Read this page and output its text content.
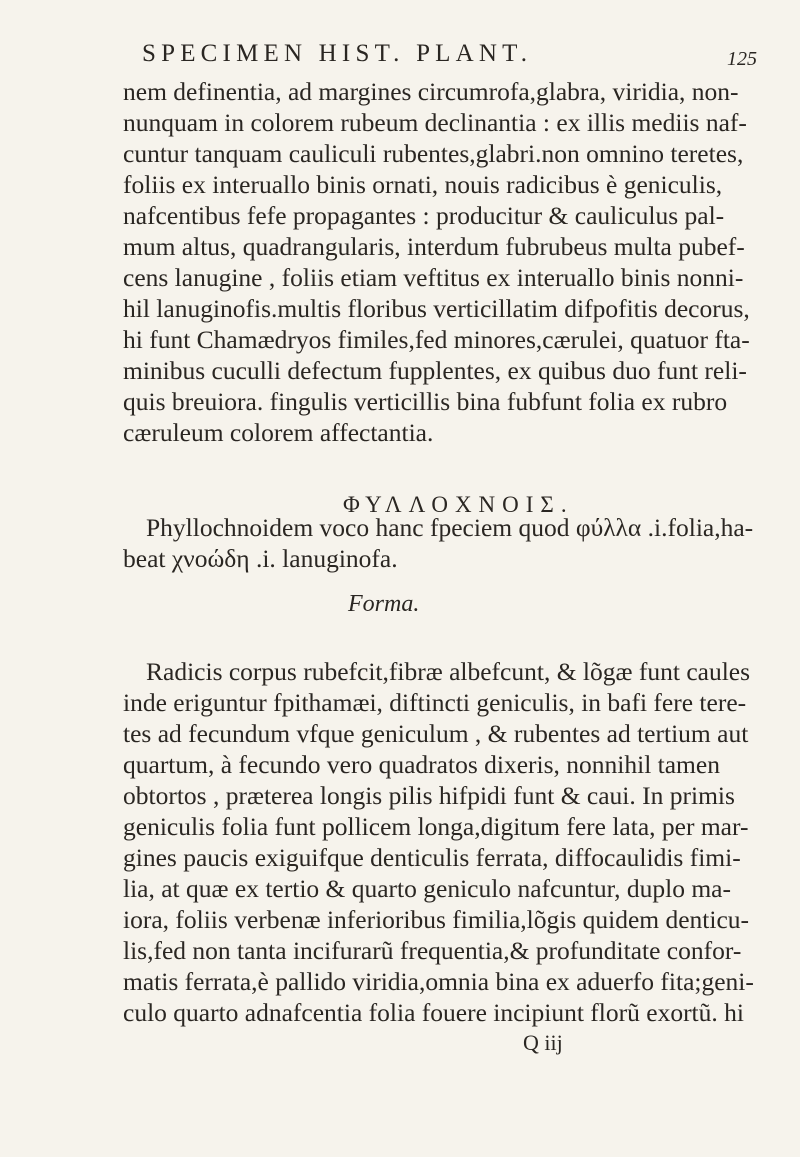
SPECIMEN HIST. PLANT.	125
nem definentia, ad margines circumrofa,glabra, viridia, non-
nunquam in colorem rubeum declinantia : ex illis mediis naf-
cuntur tanquam cauliculi rubentes,glabri.non omnino teretes,
foliis ex interuallo binis ornati, nouis radicibus è geniculis,
nafcentibus fefe propagantes : producitur & cauliculus pal-
mum altus, quadrangularis, interdum fubrubeus multa pubef-
cens lanugine , foliis etiam veftitus ex interuallo binis nonni-
hil lanuginofis.multis floribus verticillatim difpofitis decorus,
hi funt Chamædryos fimiles,fed minores,cærulei, quatuor fta-
minibus cuculli defectum fupplentes, ex quibus duo funt reli-
quis breuiora. fingulis verticillis bina fubfunt folia ex rubro
cæruleum colorem affectantia.
ΦΥΛΛΟΧΝΟΙΣ.
Phyllochnoidem voco hanc fpeciem quod φύλλα .i.folia,ha-
beat χνοώδη .i. lanuginofa.
Forma.
Radicis corpus rubefcit,fibræ albefcunt, & lõgæ funt caules
inde eriguntur fpithamæi, diftincti geniculis, in bafi fere tere-
tes ad fecundum vfque geniculum , & rubentes ad tertium aut
quartum, à fecundo vero quadratos dixeris, nonnihil tamen
obtortos , præterea longis pilis hifpidi funt & caui. In primis
geniculis folia funt pollicem longa,digitum fere lata, per mar-
gines paucis exiguifque denticulis ferrata, diffocaulidis fimi-
lia, at quæ ex tertio & quarto geniculo nafcuntur, duplo ma-
iora, foliis verbenæ inferioribus fimilia,lõgis quidem denticu-
lis,fed non tanta incifurarũ frequentia,& profunditate confor-
matis ferrata,è pallido viridia,omnia bina ex aduerfo fita;geni-
culo quarto adnafcentia folia fouere incipiunt florũ exortũ. hi
Q iij
